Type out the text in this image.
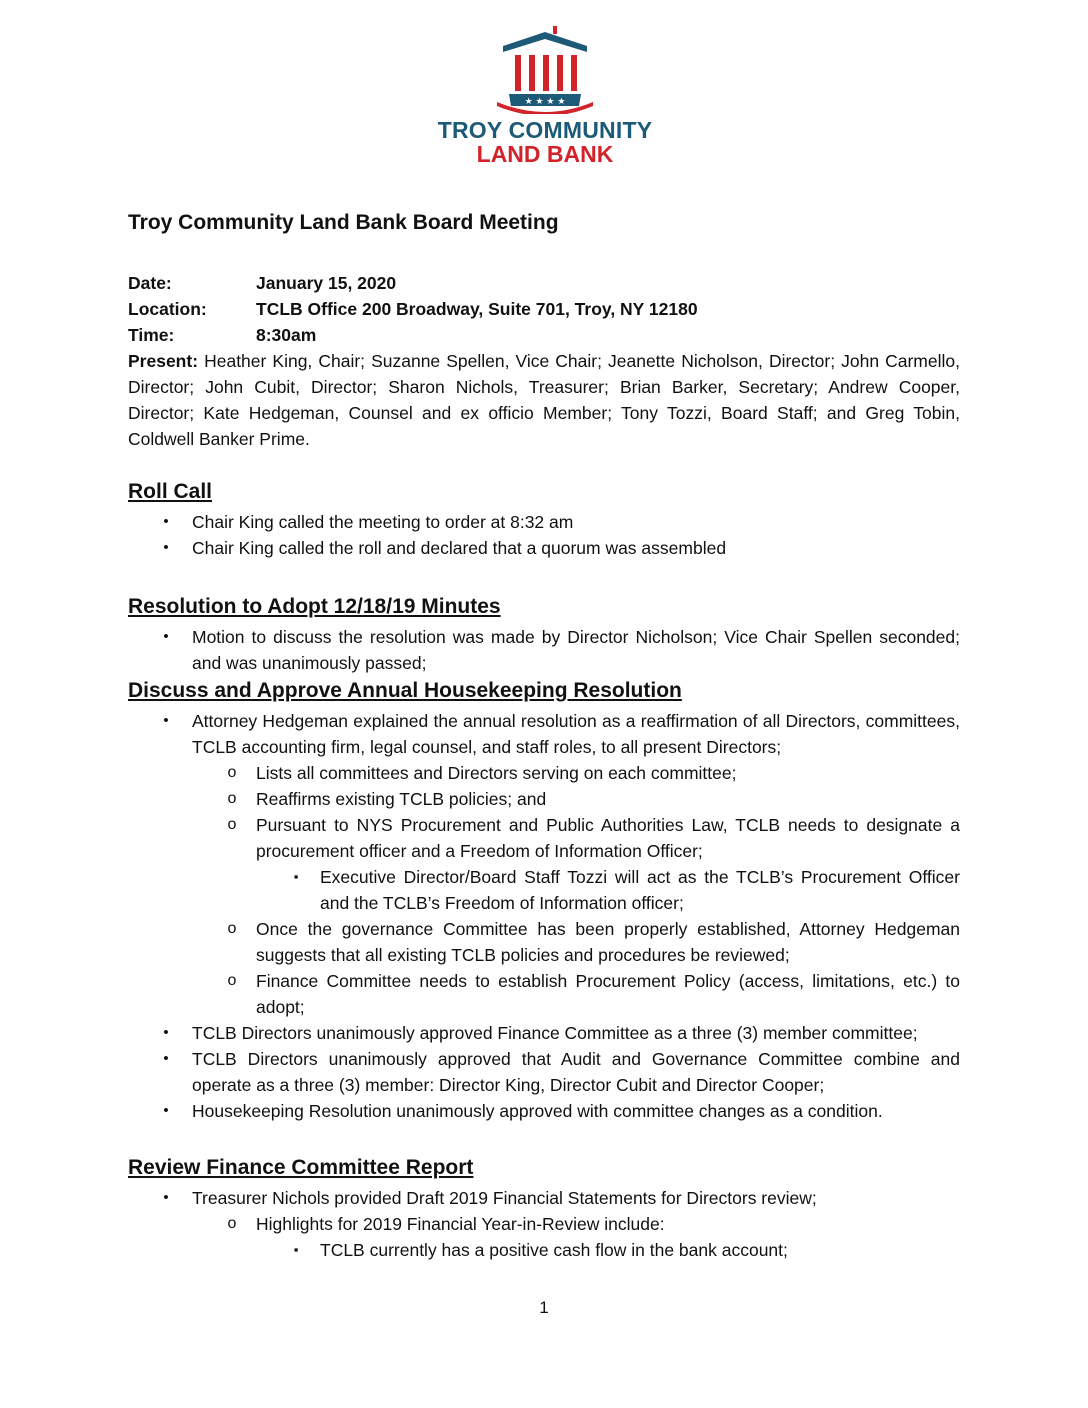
★ ★ ★ ★
TROY COMMUNITY
LAND BANK
Troy Community Land Bank Board Meeting
Date:	January 15, 2020
Location:	TCLB Office 200 Broadway, Suite 701, Troy, NY 12180
Time:	8:30am
Present: Heather King, Chair; Suzanne Spellen, Vice Chair; Jeanette Nicholson, Director; John Carmello, Director; John Cubit, Director; Sharon Nichols, Treasurer; Brian Barker, Secretary; Andrew Cooper, Director; Kate Hedgeman, Counsel and ex officio Member; Tony Tozzi, Board Staff; and Greg Tobin, Coldwell Banker Prime.
Roll Call
•	Chair King called the meeting to order at 8:32 am
•	Chair King called the roll and declared that a quorum was assembled
Resolution to Adopt 12/18/19 Minutes
•	Motion to discuss the resolution was made by Director Nicholson; Vice Chair Spellen seconded; and was unanimously passed;
Discuss and Approve Annual Housekeeping Resolution
•	Attorney Hedgeman explained the annual resolution as a reaffirmation of all Directors, committees, TCLB accounting firm, legal counsel, and staff roles, to all present Directors;
o	Lists all committees and Directors serving on each committee;
o	Reaffirms existing TCLB policies; and
o	Pursuant to NYS Procurement and Public Authorities Law, TCLB needs to designate a procurement officer and a Freedom of Information Officer;
▪	Executive Director/Board Staff Tozzi will act as the TCLB’s Procurement Officer and the TCLB’s Freedom of Information officer;
o	Once the governance Committee has been properly established, Attorney Hedgeman suggests that all existing TCLB policies and procedures be reviewed;
o	Finance Committee needs to establish Procurement Policy (access, limitations, etc.) to adopt;
•	TCLB Directors unanimously approved Finance Committee as a three (3) member committee;
•	TCLB Directors unanimously approved that Audit and Governance Committee combine and operate as a three (3) member: Director King, Director Cubit and Director Cooper;
•	Housekeeping Resolution unanimously approved with committee changes as a condition.
Review Finance Committee Report
•	Treasurer Nichols provided Draft 2019 Financial Statements for Directors review;
o	Highlights for 2019 Financial Year-in-Review include:
▪	TCLB currently has a positive cash flow in the bank account;
1
